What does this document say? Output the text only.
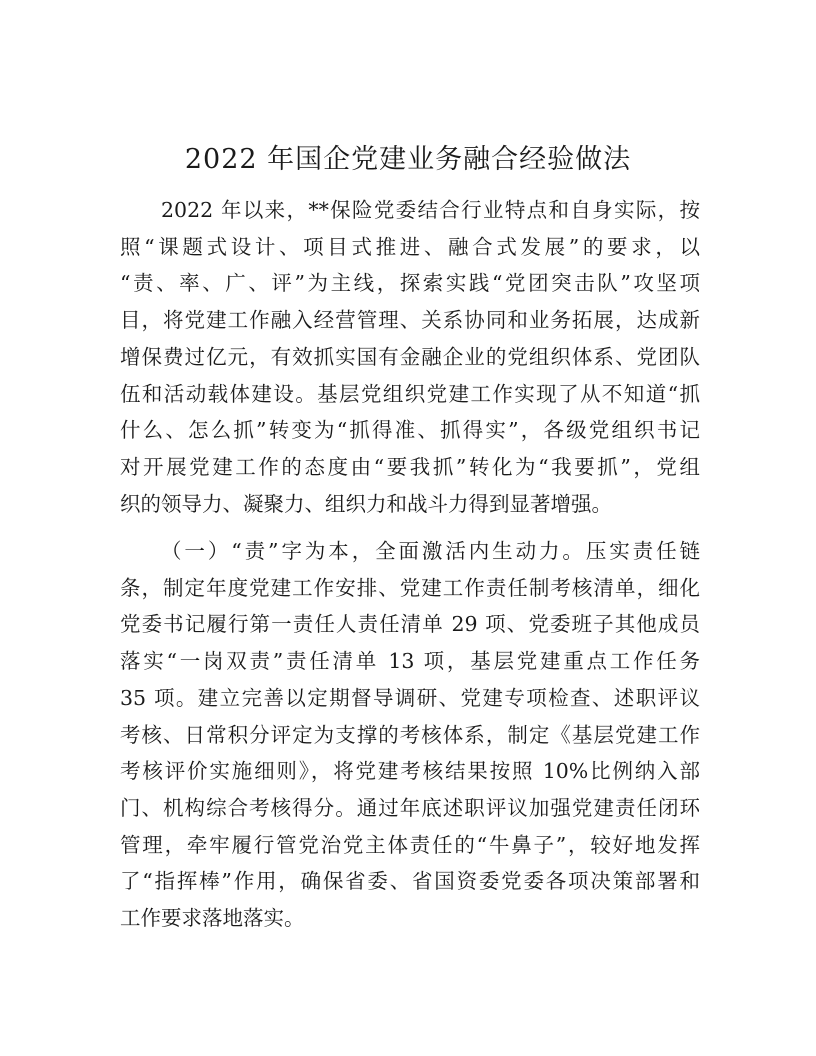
2022 年国企党建业务融合经验做法
2022 年以来，**保险党委结合行业特点和自身实际，按
照“课题式设计、项目式推进、融合式发展”的要求，以
“责、率、广、评”为主线，探索实践“党团突击队”攻坚项
目，将党建工作融入经营管理、关系协同和业务拓展，达成新
增保费过亿元，有效抓实国有金融企业的党组织体系、党团队
伍和活动载体建设。基层党组织党建工作实现了从不知道“抓
什么、怎么抓”转变为“抓得准、抓得实”，各级党组织书记
对开展党建工作的态度由“要我抓”转化为“我要抓”，党组
织的领导力、凝聚力、组织力和战斗力得到显著增强。
（一）“责”字为本，全面激活内生动力。压实责任链
条，制定年度党建工作安排、党建工作责任制考核清单，细化
党委书记履行第一责任人责任清单 29 项、党委班子其他成员
落实“一岗双责”责任清单 13 项，基层党建重点工作任务
35 项。建立完善以定期督导调研、党建专项检查、述职评议
考核、日常积分评定为支撑的考核体系，制定《基层党建工作
考核评价实施细则》，将党建考核结果按照 10%比例纳入部
门、机构综合考核得分。通过年底述职评议加强党建责任闭环
管理，牵牢履行管党治党主体责任的“牛鼻子”，较好地发挥
了“指挥棒”作用，确保省委、省国资委党委各项决策部署和
工作要求落地落实。
